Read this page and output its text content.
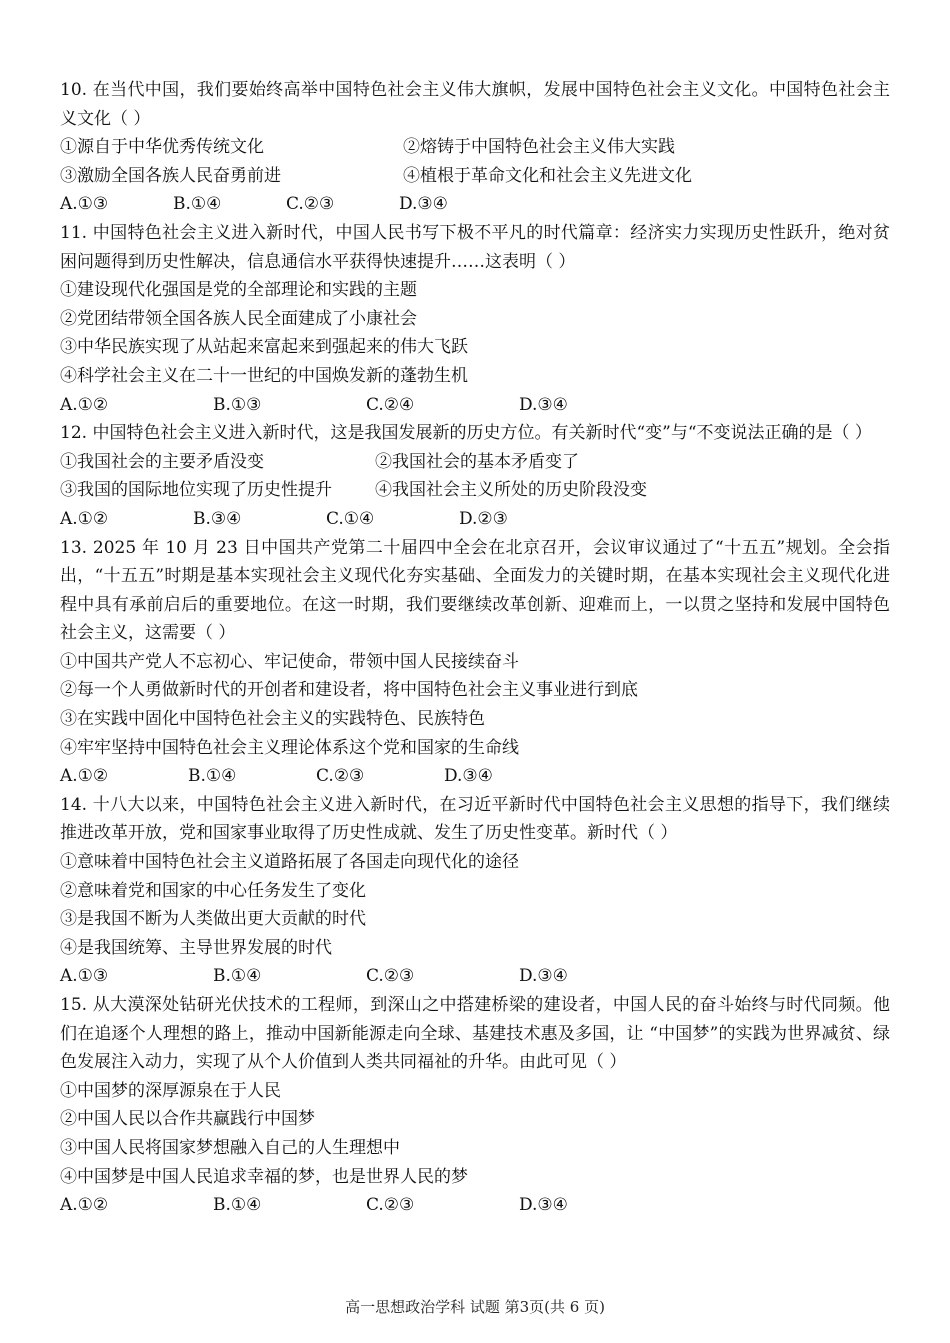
10. 在当代中国，我们要始终高举中国特色社会主义伟大旗帜，发展中国特色社会主义文化。中国特色社会主义文化（ ）

①源自于中华优秀传统文化	②熔铸于中国特色社会主义伟大实践
③激励全国各族人民奋勇前进	④植根于革命文化和社会主义先进文化
A.①③	B.①④	C.②③	D.③④

11. 中国特色社会主义进入新时代，中国人民书写下极不平凡的时代篇章：经济实力实现历史性跃升，绝对贫困问题得到历史性解决，信息通信水平获得快速提升……这表明（ ）

①建设现代化强国是党的全部理论和实践的主题

②党团结带领全国各族人民全面建成了小康社会

③中华民族实现了从站起来富起来到强起来的伟大飞跃

④科学社会主义在二十一世纪的中国焕发新的蓬勃生机

A.①②	B.①③	C.②④	D.③④

12. 中国特色社会主义进入新时代，这是我国发展新的历史方位。有关新时代“变”与“不变说法正确的是（ ）

①我国社会的主要矛盾没变	②我国社会的基本矛盾变了
③我国的国际地位实现了历史性提升	④我国社会主义所处的历史阶段没变
A.①②	B.③④	C.①④	D.②③

13. 2025 年 10 月 23 日中国共产党第二十届四中全会在北京召开，会议审议通过了“十五五”规划。全会指出，“十五五”时期是基本实现社会主义现代化夯实基础、全面发力的关键时期，在基本实现社会主义现代化进程中具有承前启后的重要地位。在这一时期，我们要继续改革创新、迎难而上，一以贯之坚持和发展中国特色社会主义，这需要（ ）

①中国共产党人不忘初心、牢记使命，带领中国人民接续奋斗

②每一个人勇做新时代的开创者和建设者，将中国特色社会主义事业进行到底

③在实践中固化中国特色社会主义的实践特色、民族特色

④牢牢坚持中国特色社会主义理论体系这个党和国家的生命线

A.①②	B.①④	C.②③	D.③④

14. 十八大以来，中国特色社会主义进入新时代，在习近平新时代中国特色社会主义思想的指导下，我们继续推进改革开放，党和国家事业取得了历史性成就、发生了历史性变革。新时代（ ）

①意味着中国特色社会主义道路拓展了各国走向现代化的途径

②意味着党和国家的中心任务发生了变化

③是我国不断为人类做出更大贡献的时代

④是我国统筹、主导世界发展的时代

A.①③	B.①④	C.②③	D.③④

15. 从大漠深处钻研光伏技术的工程师，到深山之中搭建桥梁的建设者，中国人民的奋斗始终与时代同频。他们在追逐个人理想的路上，推动中国新能源走向全球、基建技术惠及多国，让 “中国梦”的实践为世界减贫、绿色发展注入动力，实现了从个人价值到人类共同福祉的升华。由此可见（ ）

①中国梦的深厚源泉在于人民

②中国人民以合作共赢践行中国梦

③中国人民将国家梦想融入自己的人生理想中

④中国梦是中国人民追求幸福的梦，也是世界人民的梦

A.①②	B.①④	C.②③	D.③④
高一思想政治学科 试题 第3页(共 6 页)
